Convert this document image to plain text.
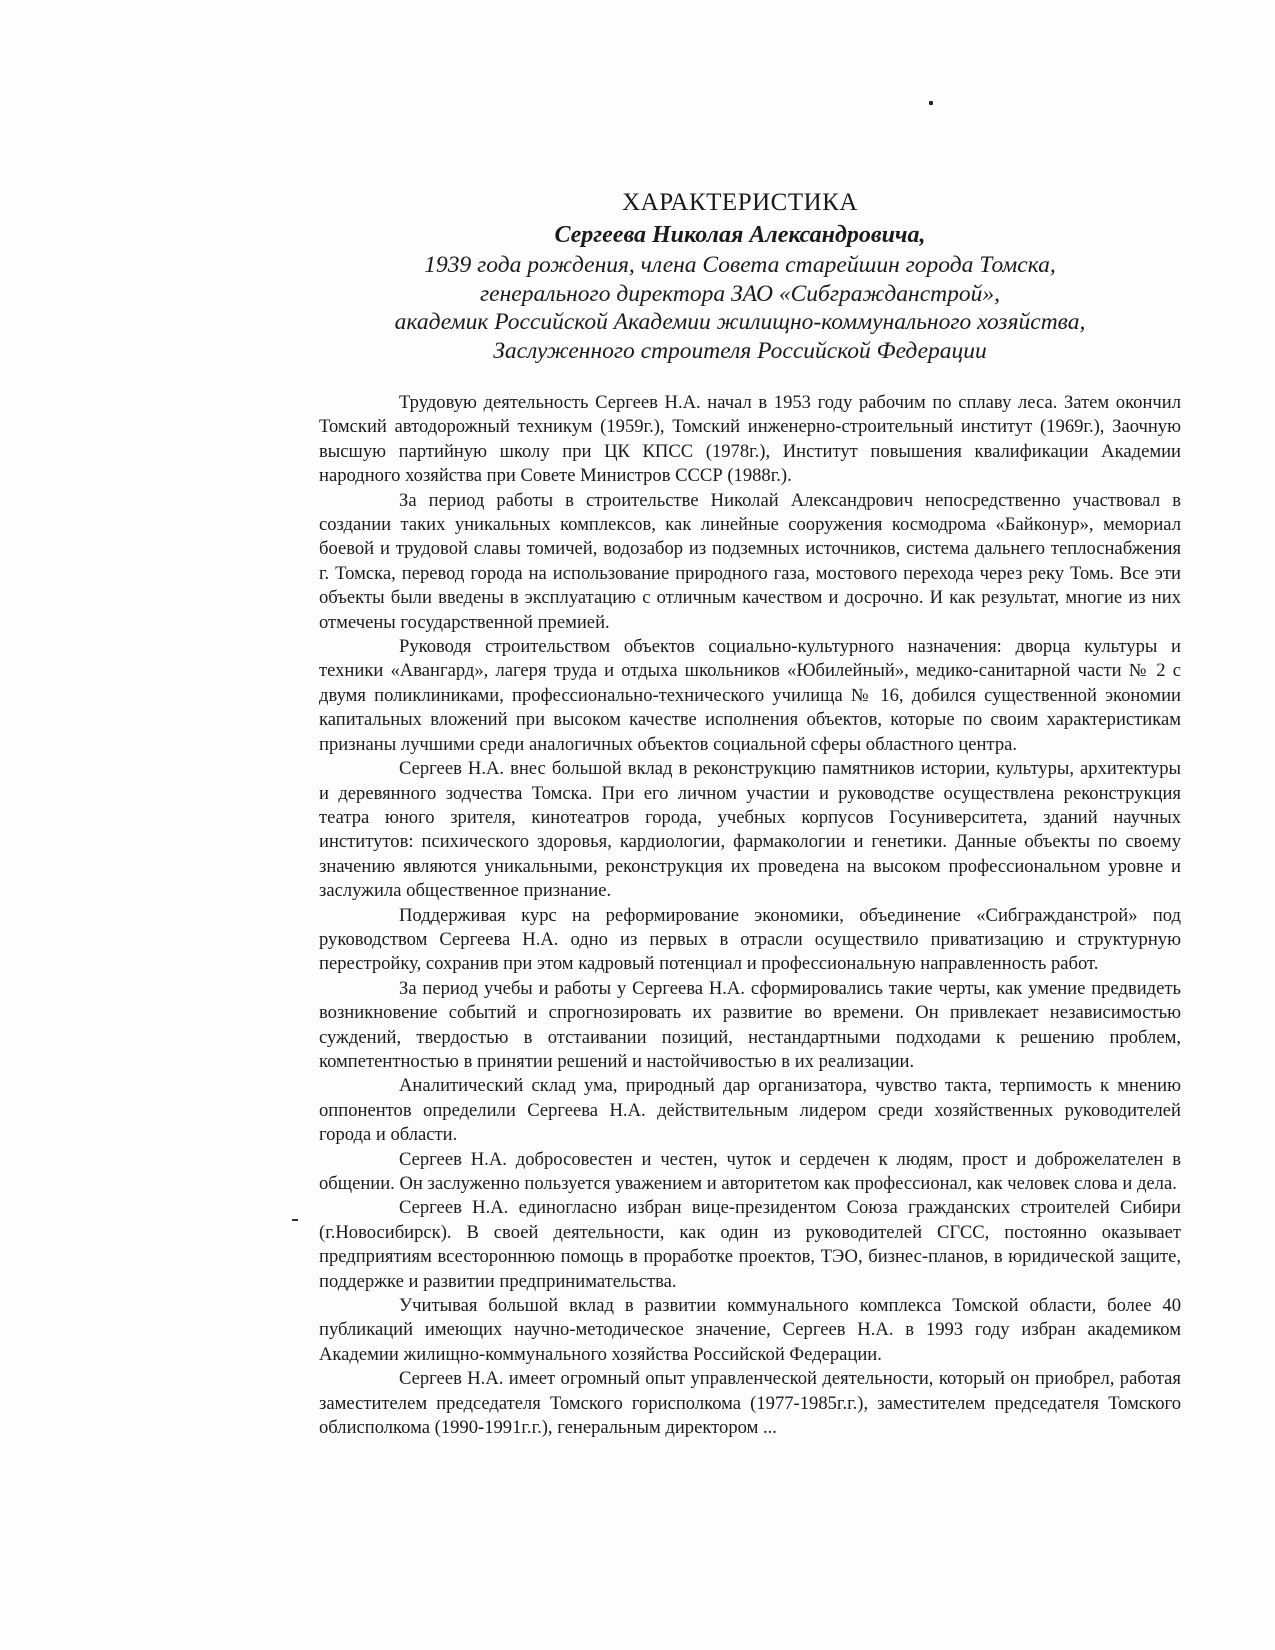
ХАРАКТЕРИСТИКА

Сергеева Николая Александровича,

1939 года рождения, члена Совета старейшин города Томска,

генерального директора ЗАО «Сибгражданстрой»,

академик Российской Академии жилищно-коммунального хозяйства,

Заслуженного строителя Российской Федерации

Трудовую деятельность Сергеев Н.А. начал в 1953 году рабочим по сплаву леса. Затем окончил Томский автодорожный техникум (1959г.), Томский инженерно-строительный институт (1969г.), Заочную высшую партийную школу при ЦК КПСС (1978г.), Институт повышения квалификации Академии народного хозяйства при Совете Министров СССР (1988г.).

За период работы в строительстве Николай Александрович непосредственно участвовал в создании таких уникальных комплексов, как линейные сооружения космодрома «Байконур», мемориал боевой и трудовой славы томичей, водозабор из подземных источников, система дальнего теплоснабжения г. Томска, перевод города на использование природного газа, мостового перехода через реку Томь. Все эти объекты были введены в эксплуатацию с отличным качеством и досрочно. И как результат, многие из них отмечены государственной премией.

Руководя строительством объектов социально-культурного назначения: дворца культуры и техники «Авангард», лагеря труда и отдыха школьников «Юбилейный», медико-санитарной части № 2 с двумя поликлиниками, профессионально-технического училища № 16, добился существенной экономии капитальных вложений при высоком качестве исполнения объектов, которые по своим характеристикам признаны лучшими среди аналогичных объектов социальной сферы областного центра.

Сергеев Н.А. внес большой вклад в реконструкцию памятников истории, культуры, архитектуры и деревянного зодчества Томска. При его личном участии и руководстве осуществлена реконструкция театра юного зрителя, кинотеатров города, учебных корпусов Госуниверситета, зданий научных институтов: психического здоровья, кардиологии, фармакологии и генетики. Данные объекты по своему значению являются уникальными, реконструкция их проведена на высоком профессиональном уровне и заслужила общественное признание.

Поддерживая курс на реформирование экономики, объединение «Сибгражданстрой» под руководством Сергеева Н.А. одно из первых в отрасли осуществило приватизацию и структурную перестройку, сохранив при этом кадровый потенциал и профессиональную направленность работ.

За период учебы и работы у Сергеева Н.А. сформировались такие черты, как умение предвидеть возникновение событий и спрогнозировать их развитие во времени. Он привлекает независимостью суждений, твердостью в отстаивании позиций, нестандартными подходами к решению проблем, компетентностью в принятии решений и настойчивостью в их реализации.

Аналитический склад ума, природный дар организатора, чувство такта, терпимость к мнению оппонентов определили Сергеева Н.А. действительным лидером среди хозяйственных руководителей города и области.

Сергеев Н.А. добросовестен и честен, чуток и сердечен к людям, прост и доброжелателен в общении. Он заслуженно пользуется уважением и авторитетом как профессионал, как человек слова и дела.

Сергеев Н.А. единогласно избран вице-президентом Союза гражданских строителей Сибири (г.Новосибирск). В своей деятельности, как один из руководителей СГСС, постоянно оказывает предприятиям всестороннюю помощь в проработке проектов, ТЭО, бизнес-планов, в юридической защите, поддержке и развитии предпринимательства.

Учитывая большой вклад в развитии коммунального комплекса Томской области, более 40 публикаций имеющих научно-методическое значение, Сергеев Н.А. в 1993 году избран академиком Академии жилищно-коммунального хозяйства Российской Федерации.

Сергеев Н.А. имеет огромный опыт управленческой деятельности, который он приобрел, работая заместителем председателя Томского горисполкома (1977-1985г.г.), заместителем председателя Томского облисполкома (1990-1991г.г.), генеральным директором ...
